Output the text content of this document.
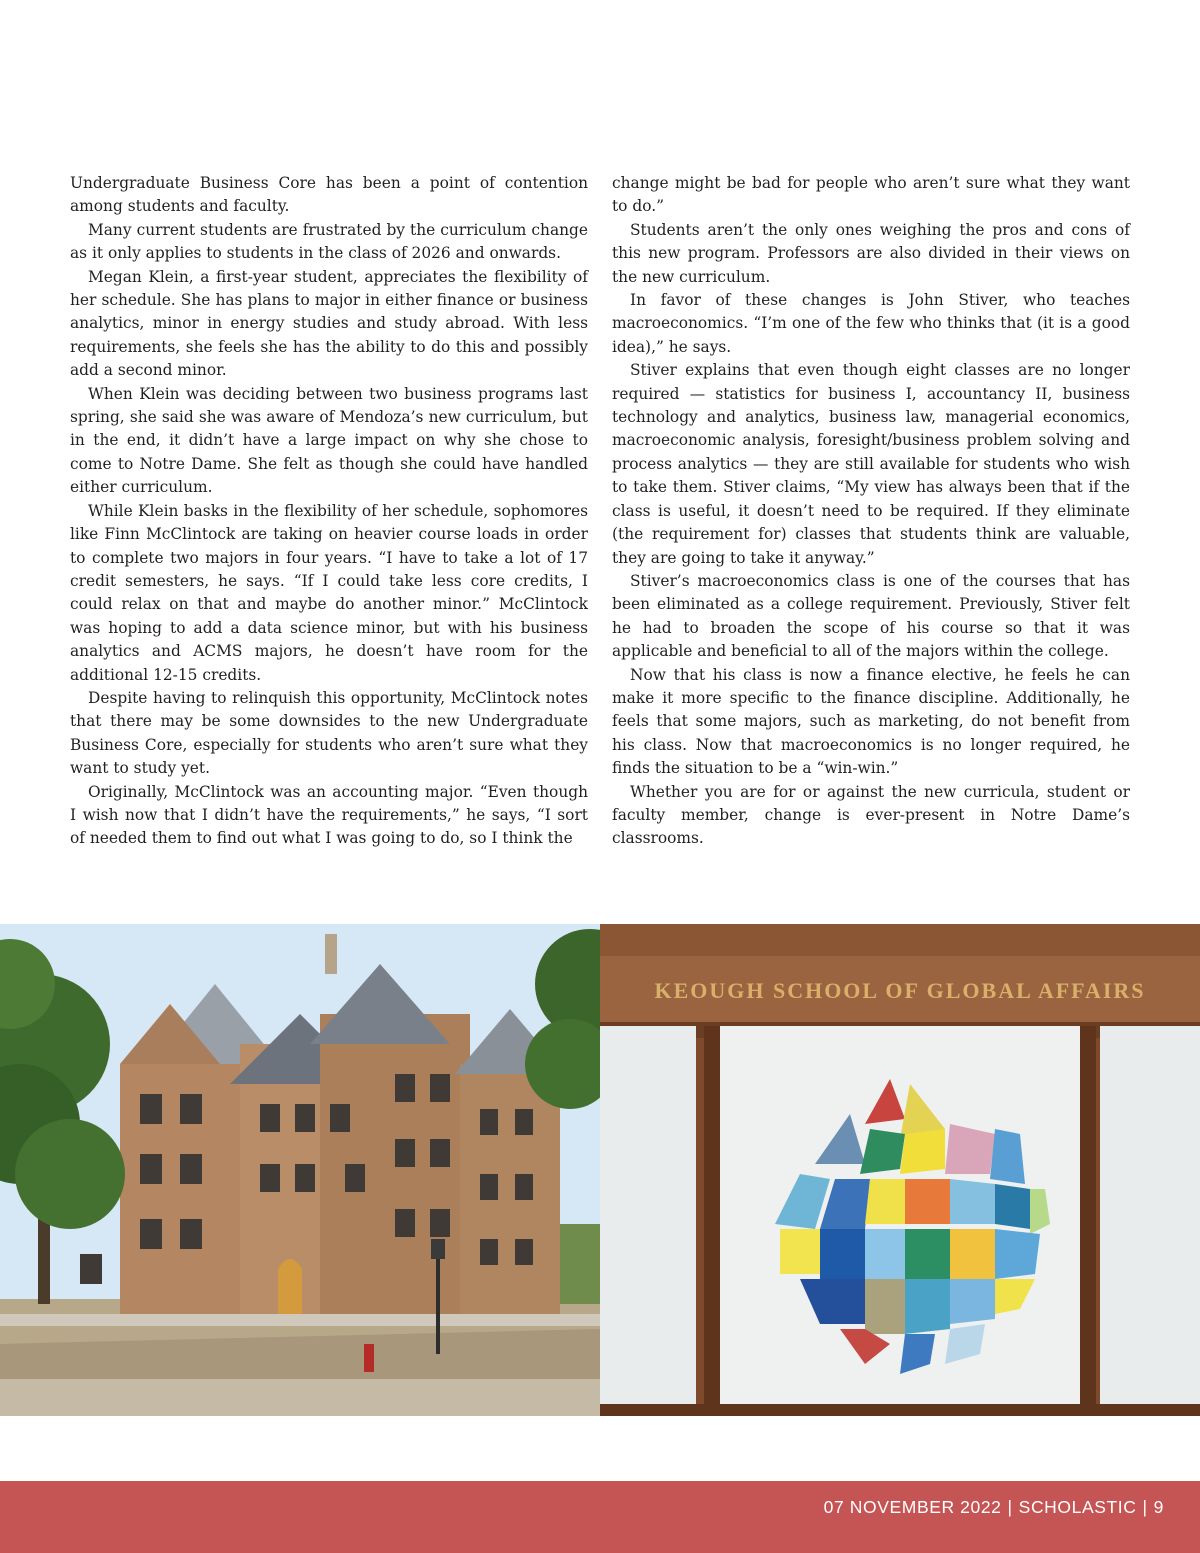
Undergraduate Business Core has been a point of contention among students and faculty.

Many current students are frustrated by the curriculum change as it only applies to students in the class of 2026 and onwards.

Megan Klein, a first-year student, appreciates the flexibility of her schedule. She has plans to major in either finance or business analytics, minor in energy studies and study abroad. With less requirements, she feels she has the ability to do this and possibly add a second minor.

When Klein was deciding between two business programs last spring, she said she was aware of Mendoza’s new curriculum, but in the end, it didn’t have a large impact on why she chose to come to Notre Dame. She felt as though she could have handled either curriculum.

While Klein basks in the flexibility of her schedule, sophomores like Finn McClintock are taking on heavier course loads in order to complete two majors in four years. “I have to take a lot of 17 credit semesters, he says. “If I could take less core credits, I could relax on that and maybe do another minor.” McClintock was hoping to add a data science minor, but with his business analytics and ACMS majors, he doesn’t have room for the additional 12-15 credits.

Despite having to relinquish this opportunity, McClintock notes that there may be some downsides to the new Undergraduate Business Core, especially for students who aren’t sure what they want to study yet.

Originally, McClintock was an accounting major. “Even though I wish now that I didn’t have the requirements,” he says, “I sort of needed them to find out what I was going to do, so I think the

change might be bad for people who aren’t sure what they want to do.”

Students aren’t the only ones weighing the pros and cons of this new program. Professors are also divided in their views on the new curriculum.

In favor of these changes is John Stiver, who teaches macroeconomics. “I’m one of the few who thinks that (it is a good idea),” he says.

Stiver explains that even though eight classes are no longer required — statistics for business I, accountancy II, business technology and analytics, business law, managerial economics, macroeconomic analysis, foresight/business problem solving and process analytics — they are still available for students who wish to take them. Stiver claims, “My view has always been that if the class is useful, it doesn’t need to be required. If they eliminate (the requirement for) classes that students think are valuable, they are going to take it anyway.”

Stiver’s macroeconomics class is one of the courses that has been eliminated as a college requirement. Previously, Stiver felt he had to broaden the scope of his course so that it was applicable and beneficial to all of the majors within the college.

Now that his class is now a finance elective, he feels he can make it more specific to the finance discipline. Additionally, he feels that some majors, such as marketing, do not benefit from his class. Now that macroeconomics is no longer required, he finds the situation to be a “win-win.”

Whether you are for or against the new curricula, student or faculty member, change is ever-present in Notre Dame’s classrooms.

KEOUGH SCHOOL OF GLOBAL AFFAIRS
07 NOVEMBER 2022 | SCHOLASTIC | 9
